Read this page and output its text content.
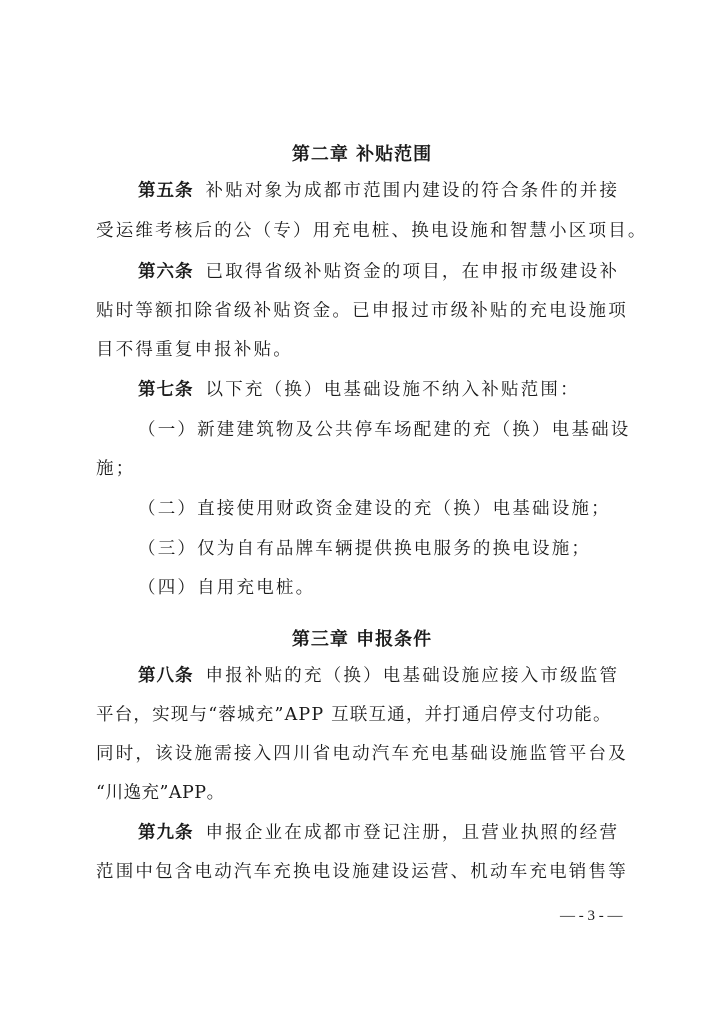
第二章 补贴范围
第五条 补贴对象为成都市范围内建设的符合条件的并接
受运维考核后的公（专）用充电桩、换电设施和智慧小区项目。
第六条 已取得省级补贴资金的项目，在申报市级建设补
贴时等额扣除省级补贴资金。已申报过市级补贴的充电设施项
目不得重复申报补贴。
第七条 以下充（换）电基础设施不纳入补贴范围：
（一）新建建筑物及公共停车场配建的充（换）电基础设
施；
（二）直接使用财政资金建设的充（换）电基础设施；
（三）仅为自有品牌车辆提供换电服务的换电设施；
（四）自用充电桩。
第三章 申报条件
第八条 申报补贴的充（换）电基础设施应接入市级监管
平台，实现与“蓉城充”APP 互联互通，并打通启停支付功能。
同时，该设施需接入四川省电动汽车充电基础设施监管平台及
“川逸充”APP。
第九条 申报企业在成都市登记注册，且营业执照的经营
范围中包含电动汽车充换电设施建设运营、机动车充电销售等
— - 3 - —
